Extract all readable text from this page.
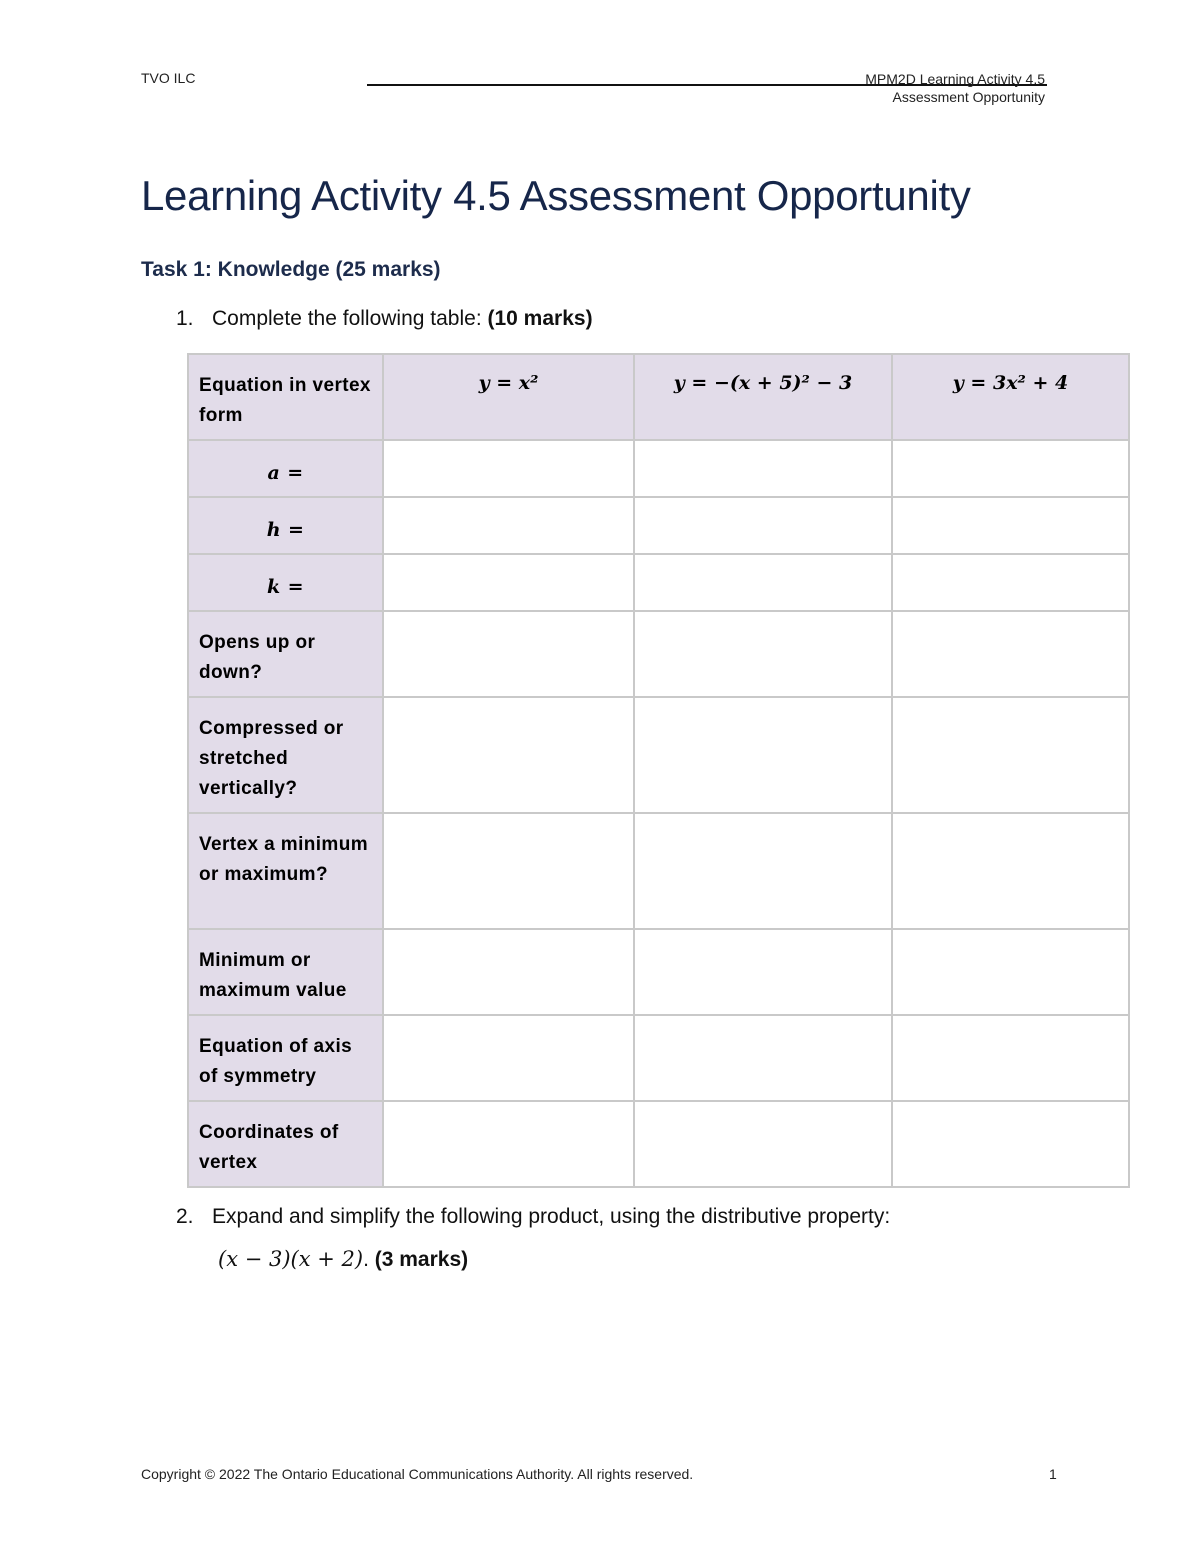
TVO ILC	MPM2D Learning Activity 4.5
Assessment Opportunity
Learning Activity 4.5 Assessment Opportunity
Task 1: Knowledge (25 marks)
1. Complete the following table: (10 marks)
Equation in vertex form	y = x²	y = −(x + 5)² − 3	y = 3x² + 4
a =			
h =			
k =			
Opens up or down?			
Compressed or stretched vertically?			
Vertex a minimum or maximum?			
Minimum or maximum value			
Equation of axis of symmetry			
Coordinates of vertex			
2. Expand and simplify the following product, using the distributive property:
(x − 3)(x + 2). (3 marks)
Copyright © 2022 The Ontario Educational Communications Authority. All rights reserved.	1
